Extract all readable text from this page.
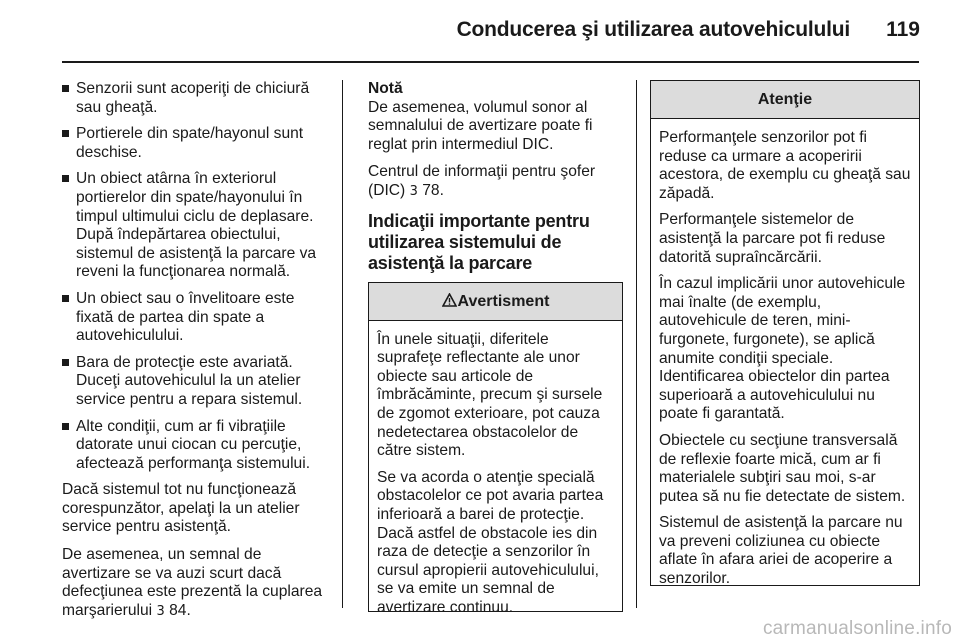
Conducerea şi utilizarea autovehiculului 119
Senzorii sunt acoperiţi de chiciură sau gheaţă.
Portierele din spate/hayonul sunt deschise.
Un obiect atârna în exteriorul portierelor din spate/hayonului în timpul ultimului ciclu de deplasare. După îndepărtarea obiectului, sistemul de asistenţă la parcare va reveni la funcţionarea normală.
Un obiect sau o învelitoare este fixată de partea din spate a autovehiculului.
Bara de protecţie este avariată. Duceţi autovehiculul la un atelier service pentru a repara sistemul.
Alte condiţii, cum ar fi vibraţiile datorate unui ciocan cu percuţie, afectează performanţa sistemului.

Dacă sistemul tot nu funcţionează corespunzător, apelaţi la un atelier service pentru asistenţă.

De asemenea, un semnal de avertizare se va auzi scurt dacă defecţiunea este prezentă la cuplarea marşarierului 3 84.

Notă

De asemenea, volumul sonor al semnalului de avertizare poate fi reglat prin intermediul DIC.

Centrul de informaţii pentru şofer (DIC) 3 78.

Indicaţii importante pentru utilizarea sistemului de asistenţă la parcare
Avertisment

În unele situaţii, diferitele suprafeţe reflectante ale unor obiecte sau articole de îmbrăcăminte, precum şi sursele de zgomot exterioare, pot cauza nedetectarea obstacolelor de către sistem.

Se va acorda o atenţie specială obstacolelor ce pot avaria partea inferioară a barei de protecţie. Dacă astfel de obstacole ies din raza de detecţie a senzorilor în cursul apropierii autovehiculului, se va emite un semnal de avertizare continuu.

Atenţie

Performanţele senzorilor pot fi reduse ca urmare a acoperirii acestora, de exemplu cu gheaţă sau zăpadă.

Performanţele sistemelor de asistenţă la parcare pot fi reduse datorită supraîncărcării.

În cazul implicării unor autovehicule mai înalte (de exemplu, autovehicule de teren, mini-furgonete, furgonete), se aplică anumite condiţii speciale. Identificarea obiectelor din partea superioară a autovehiculului nu poate fi garantată.

Obiectele cu secţiune transversală de reflexie foarte mică, cum ar fi materialele subţiri sau moi, s-ar putea să nu fie detectate de sistem.

Sistemul de asistenţă la parcare nu va preveni coliziunea cu obiecte aflate în afara ariei de acoperire a senzorilor.

carmanualsonline.info
